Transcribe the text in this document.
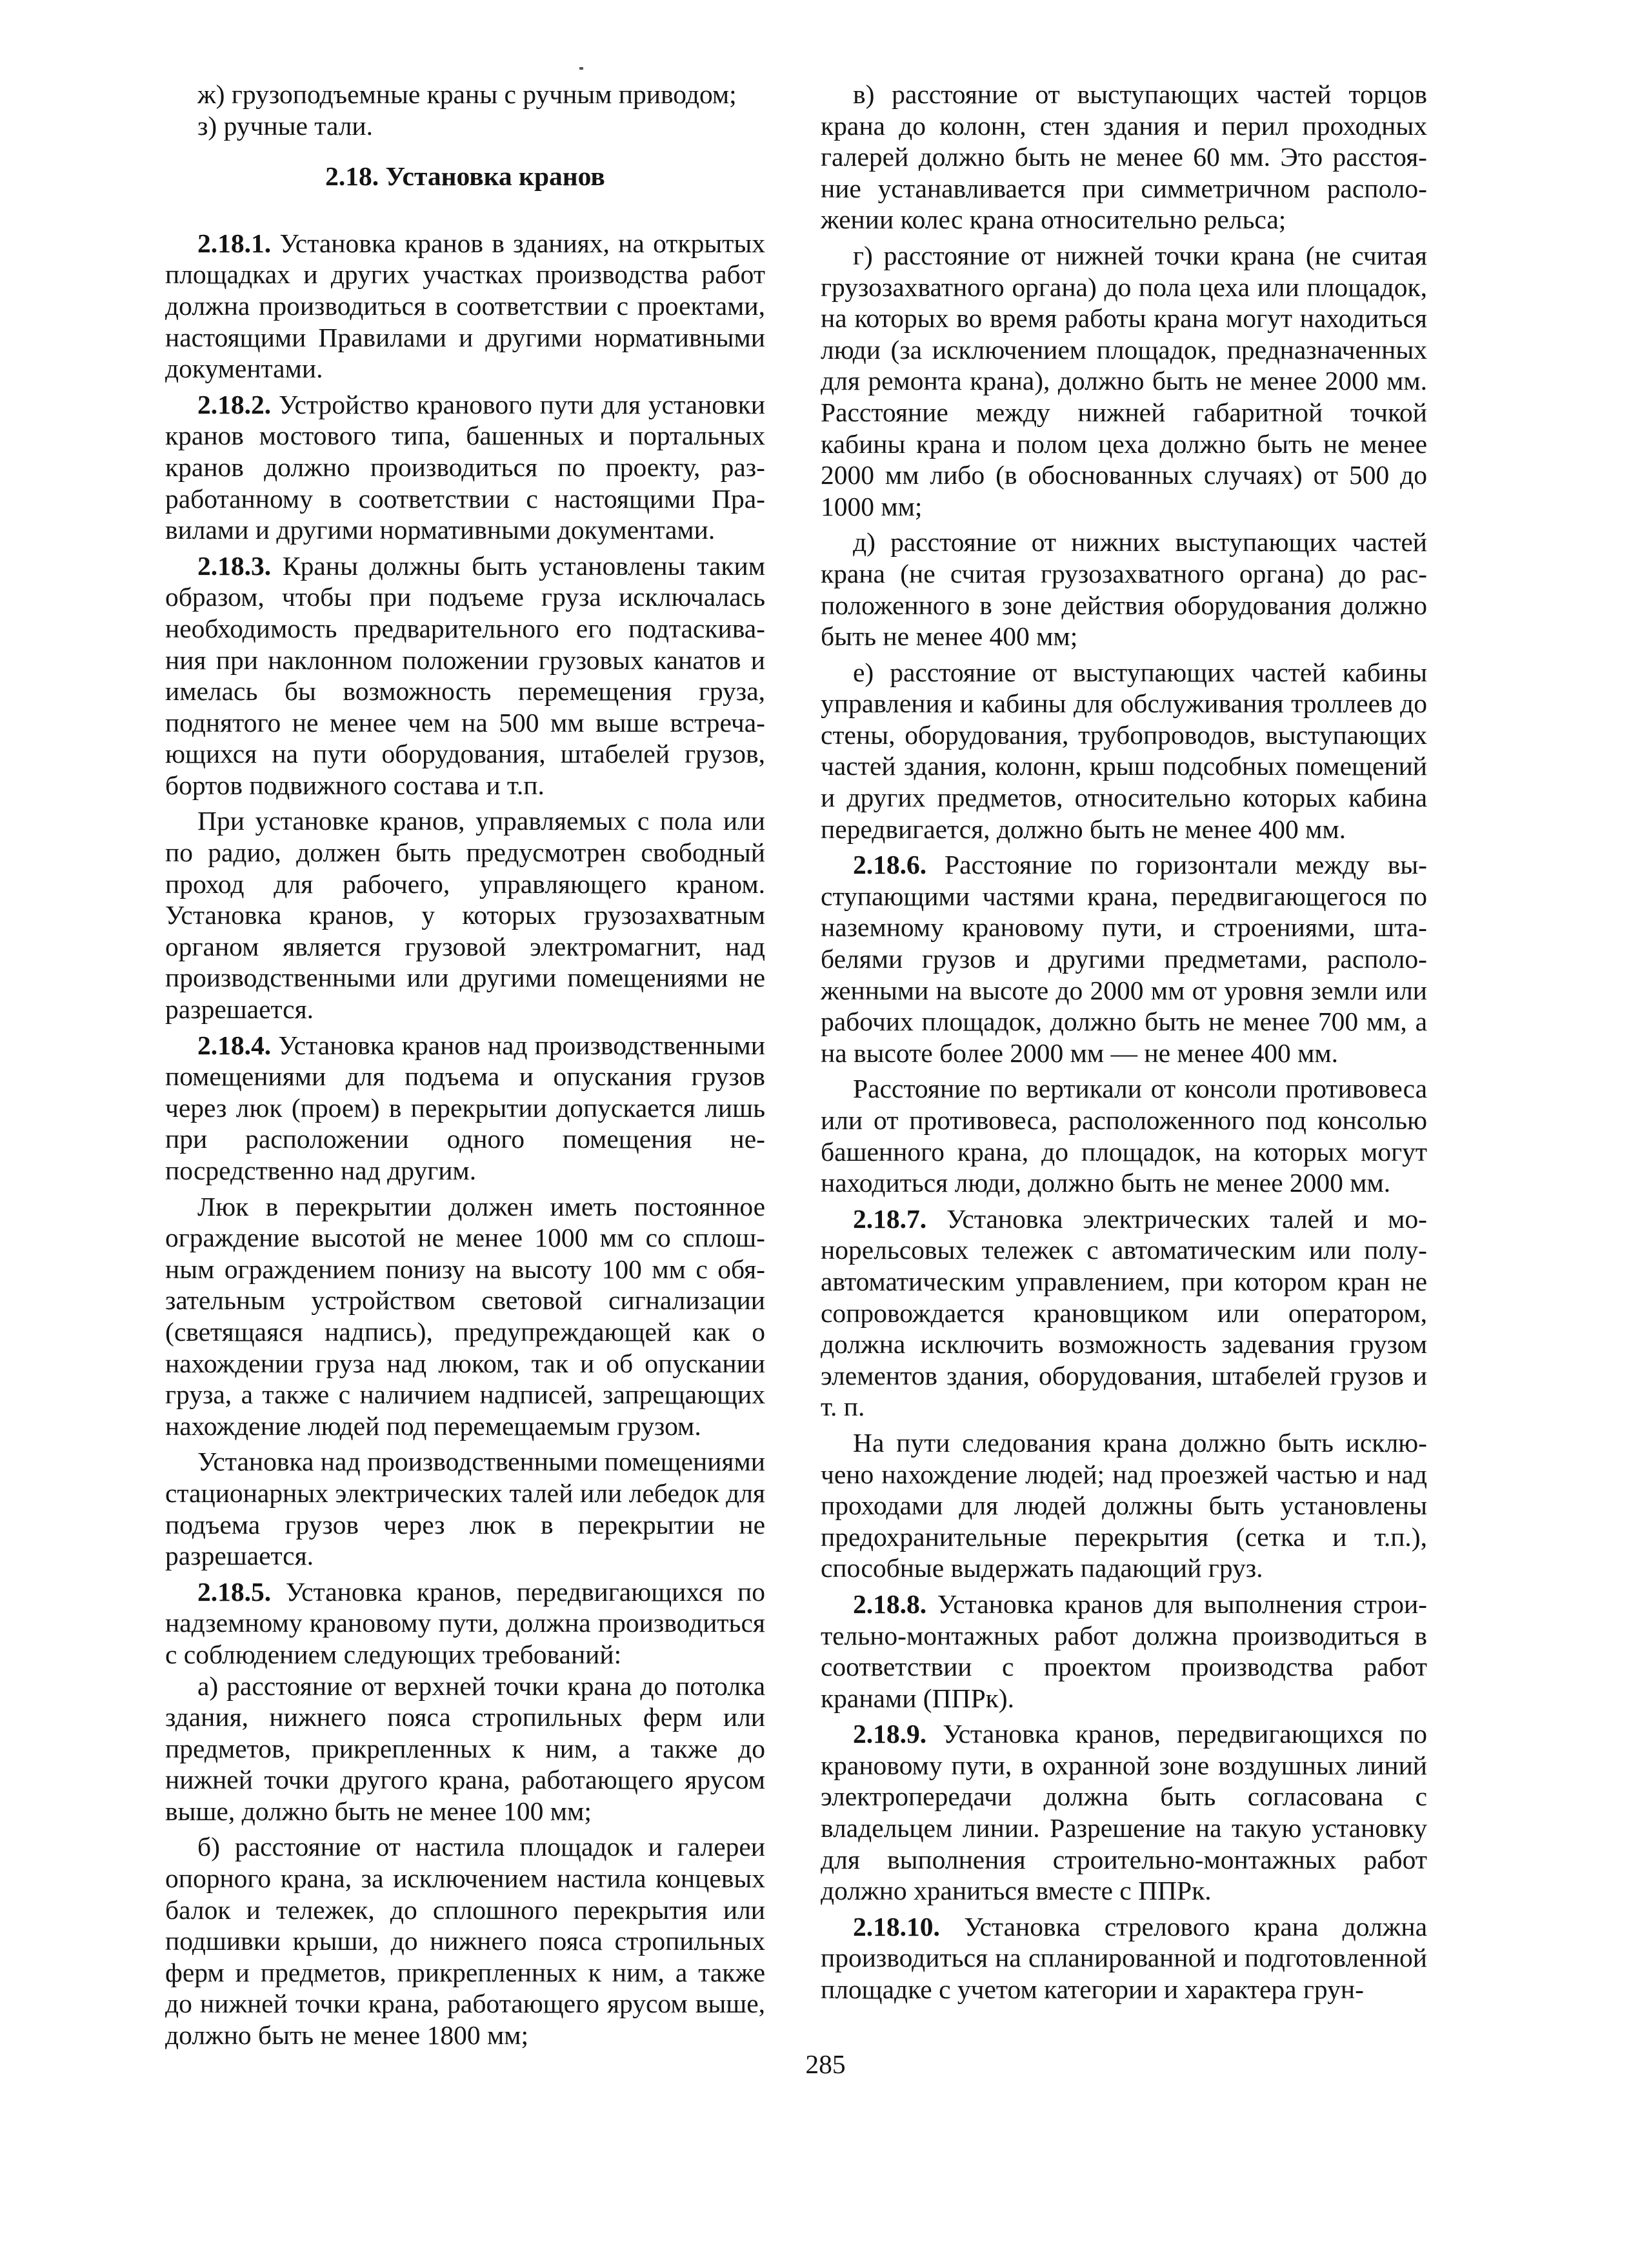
ж) грузоподъемные краны с ручным приводом;

з) ручные тали.

2.18. Установка кранов

2.18.1. Установка кранов в зданиях, на открытых площадках и других участках производства работ должна производиться в соответствии с проектами, настоящими Правилами и другими нормативными документами.

2.18.2. Устройство кранового пути для установки кранов мостового типа, башенных и портальных кранов должно производиться по проекту, разработанному в соответствии с настоящими Правилами и другими нормативными документами.

2.18.3. Краны должны быть установлены таким образом, чтобы при подъеме груза исключалась необходимость предварительного его подтаскивания при наклонном положении грузовых канатов и имелась бы возможность перемещения груза, поднятого не менее чем на 500 мм выше встречающихся на пути оборудования, штабелей грузов, бортов подвижного состава и т.п.

При установке кранов, управляемых с пола или по радио, должен быть предусмотрен свободный проход для рабочего, управляющего краном. Установка кранов, у которых грузозахватным органом является грузовой электромагнит, над производственными или другими помещениями не разрешается.

2.18.4. Установка кранов над производственными помещениями для подъема и опускания грузов через люк (проем) в перекрытии допускается лишь при расположении одного помещения непосредственно над другим.

Люк в перекрытии должен иметь постоянное ограждение высотой не менее 1000 мм со сплошным ограждением понизу на высоту 100 мм с обязательным устройством световой сигнализации (светящаяся надпись), предупреждающей как о нахождении груза над люком, так и об опускании груза, а также с наличием надписей, запрещающих нахождение людей под перемещаемым грузом.

Установка над производственными помещениями стационарных электрических талей или лебедок для подъема грузов через люк в перекрытии не разрешается.

2.18.5. Установка кранов, передвигающихся по надземному крановому пути, должна производиться с соблюдением следующих требований:

а) расстояние от верхней точки крана до потолка здания, нижнего пояса стропильных ферм или предметов, прикрепленных к ним, а также до нижней точки другого крана, работающего ярусом выше, должно быть не менее 100 мм;

б) расстояние от настила площадок и галереи опорного крана, за исключением настила концевых балок и тележек, до сплошного перекрытия или подшивки крыши, до нижнего пояса стропильных ферм и предметов, прикрепленных к ним, а также до нижней точки крана, работающего ярусом выше, должно быть не менее 1800 мм;

в) расстояние от выступающих частей торцов крана до колонн, стен здания и перил проходных галерей должно быть не менее 60 мм. Это расстояние устанавливается при симметричном расположении колес крана относительно рельса;

г) расстояние от нижней точки крана (не считая грузозахватного органа) до пола цеха или площадок, на которых во время работы крана могут находиться люди (за исключением площадок, предназначенных для ремонта крана), должно быть не менее 2000 мм. Расстояние между нижней габаритной точкой кабины крана и полом цеха должно быть не менее 2000 мм либо (в обоснованных случаях) от 500 до 1000 мм;

д) расстояние от нижних выступающих частей крана (не считая грузозахватного органа) до расположенного в зоне действия оборудования должно быть не менее 400 мм;

е) расстояние от выступающих частей кабины управления и кабины для обслуживания троллеев до стены, оборудования, трубопроводов, выступающих частей здания, колонн, крыш подсобных помещений и других предметов, относительно которых кабина передвигается, должно быть не менее 400 мм.

2.18.6. Расстояние по горизонтали между выступающими частями крана, передвигающегося по наземному крановому пути, и строениями, штабелями грузов и другими предметами, расположенными на высоте до 2000 мм от уровня земли или рабочих площадок, должно быть не менее 700 мм, а на высоте более 2000 мм — не менее 400 мм.

Расстояние по вертикали от консоли противовеса или от противовеса, расположенного под консолью башенного крана, до площадок, на которых могут находиться люди, должно быть не менее 2000 мм.

2.18.7. Установка электрических талей и монорельсовых тележек с автоматическим или полуавтоматическим управлением, при котором кран не сопровождается крановщиком или оператором, должна исключить возможность задевания грузом элементов здания, оборудования, штабелей грузов и т. п.

На пути следования крана должно быть исключено нахождение людей; над проезжей частью и над проходами для людей должны быть установлены предохранительные перекрытия (сетка и т.п.), способные выдержать падающий груз.

2.18.8. Установка кранов для выполнения строительно-монтажных работ должна производиться в соответствии с проектом производства работ кранами (ППРк).

2.18.9. Установка кранов, передвигающихся по крановому пути, в охранной зоне воздушных линий электропередачи должна быть согласована с владельцем линии. Разрешение на такую установку для выполнения строительно-монтажных работ должно храниться вместе с ППРк.

2.18.10. Установка стрелового крана должна производиться на спланированной и подготовленной площадке с учетом категории и характера грун-

285
